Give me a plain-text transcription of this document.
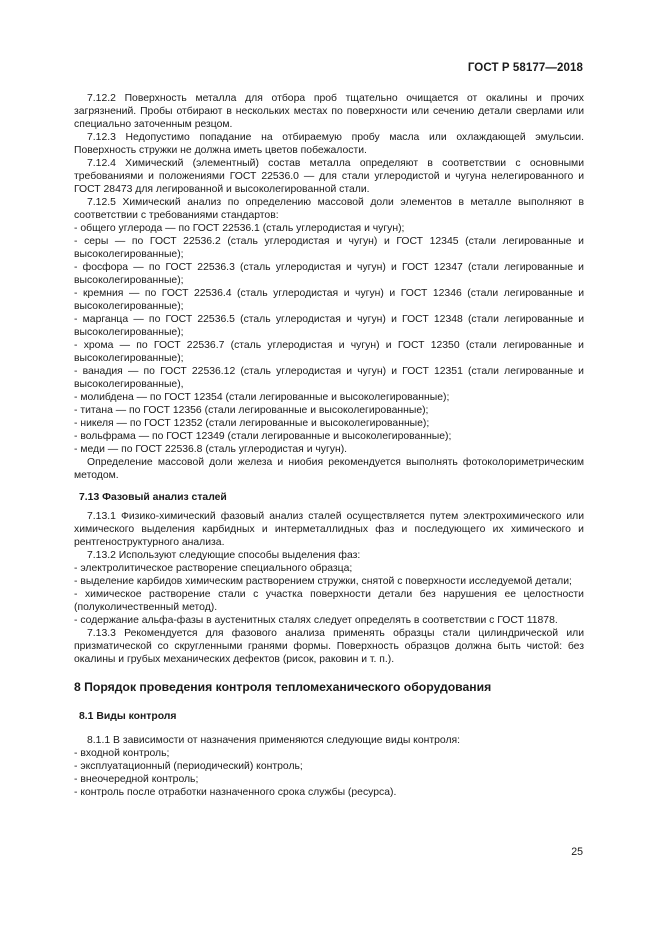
ГОСТ Р 58177—2018

7.12.2 Поверхность металла для отбора проб тщательно очищается от окалины и прочих загрязнений. Пробы отбирают в нескольких местах по поверхности или сечению детали сверлами или специально заточенным резцом.

7.12.3 Недопустимо попадание на отбираемую пробу масла или охлаждающей эмульсии. Поверхность стружки не должна иметь цветов побежалости.

7.12.4 Химический (элементный) состав металла определяют в соответствии с основными требованиями и положениями ГОСТ 22536.0 — для стали углеродистой и чугуна нелегированного и ГОСТ 28473 для легированной и высоколегированной стали.

7.12.5 Химический анализ по определению массовой доли элементов в металле выполняют в соответствии с требованиями стандартов:

- общего углерода — по ГОСТ 22536.1 (сталь углеродистая и чугун);

- серы — по ГОСТ 22536.2 (сталь углеродистая и чугун) и ГОСТ 12345 (стали легированные и высоколегированные);

- фосфора — по ГОСТ 22536.3 (сталь углеродистая и чугун) и ГОСТ 12347 (стали легированные и высоколегированные);

- кремния — по ГОСТ 22536.4 (сталь углеродистая и чугун) и ГОСТ 12346 (стали легированные и высоколегированные);

- марганца — по ГОСТ 22536.5 (сталь углеродистая и чугун) и ГОСТ 12348 (стали легированные и высоколегированные);

- хрома — по ГОСТ 22536.7 (сталь углеродистая и чугун) и ГОСТ 12350 (стали легированные и высоколегированные);

- ванадия — по ГОСТ 22536.12 (сталь углеродистая и чугун) и ГОСТ 12351 (стали легированные и высоколегированные),

- молибдена — по ГОСТ 12354 (стали легированные и высоколегированные);

- титана — по ГОСТ 12356 (стали легированные и высоколегированные);

- никеля — по ГОСТ 12352 (стали легированные и высоколегированные);

- вольфрама — по ГОСТ 12349 (стали легированные и высоколегированные);

- меди — по ГОСТ 22536.8 (сталь углеродистая и чугун).

Определение массовой доли железа и ниобия рекомендуется выполнять фотоколориметрическим методом.

7.13 Фазовый анализ сталей

7.13.1 Физико-химический фазовый анализ сталей осуществляется путем электрохимического или химического выделения карбидных и интерметаллидных фаз и последующего их химического и рентгеноструктурного анализа.

7.13.2 Используют следующие способы выделения фаз:

- электролитическое растворение специального образца;

- выделение карбидов химическим растворением стружки, снятой с поверхности исследуемой детали;

- химическое растворение стали с участка поверхности детали без нарушения ее целостности (полуколичественный метод).

- содержание альфа-фазы в аустенитных сталях следует определять в соответствии с ГОСТ 11878.

7.13.3 Рекомендуется для фазового анализа применять образцы стали цилиндрической или призматической со скругленными гранями формы. Поверхность образцов должна быть чистой: без окалины и грубых механических дефектов (рисок, раковин и т. п.).

8 Порядок проведения контроля тепломеханического оборудования

8.1 Виды контроля

8.1.1 В зависимости от назначения применяются следующие виды контроля:

- входной контроль;

- эксплуатационный (периодический) контроль;

- внеочередной контроль;

- контроль после отработки назначенного срока службы (ресурса).

25
